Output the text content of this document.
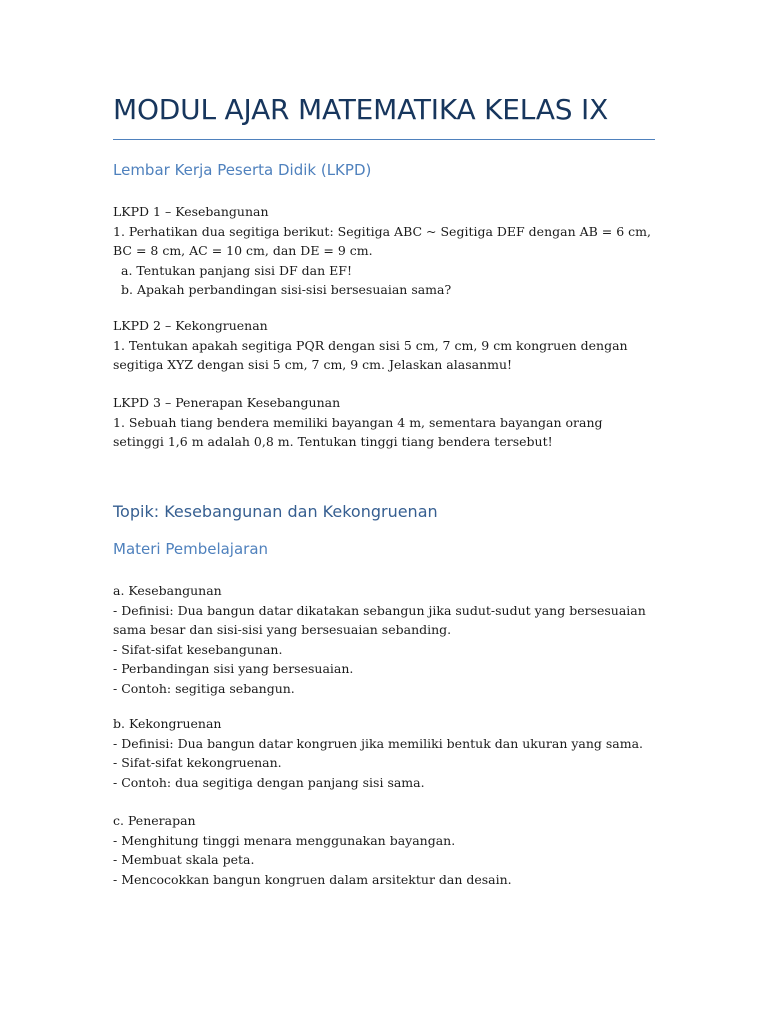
MODUL AJAR MATEMATIKA KELAS IX
Lembar Kerja Peserta Didik (LKPD)
LKPD 1 – Kesebangunan
1. Perhatikan dua segitiga berikut: Segitiga ABC ~ Segitiga DEF dengan AB = 6 cm, BC = 8 cm, AC = 10 cm, dan DE = 9 cm.
a. Tentukan panjang sisi DF dan EF!
b. Apakah perbandingan sisi-sisi bersesuaian sama?
LKPD 2 – Kekongruenan
1. Tentukan apakah segitiga PQR dengan sisi 5 cm, 7 cm, 9 cm kongruen dengan segitiga XYZ dengan sisi 5 cm, 7 cm, 9 cm. Jelaskan alasanmu!
LKPD 3 – Penerapan Kesebangunan
1. Sebuah tiang bendera memiliki bayangan 4 m, sementara bayangan orang setinggi 1,6 m adalah 0,8 m. Tentukan tinggi tiang bendera tersebut!
Topik: Kesebangunan dan Kekongruenan
Materi Pembelajaran
a. Kesebangunan
- Definisi: Dua bangun datar dikatakan sebangun jika sudut-sudut yang bersesuaian sama besar dan sisi-sisi yang bersesuaian sebanding.
- Sifat-sifat kesebangunan.
- Perbandingan sisi yang bersesuaian.
- Contoh: segitiga sebangun.
b. Kekongruenan
- Definisi: Dua bangun datar kongruen jika memiliki bentuk dan ukuran yang sama.
- Sifat-sifat kekongruenan.
- Contoh: dua segitiga dengan panjang sisi sama.
c. Penerapan
- Menghitung tinggi menara menggunakan bayangan.
- Membuat skala peta.
- Mencocokkan bangun kongruen dalam arsitektur dan desain.
